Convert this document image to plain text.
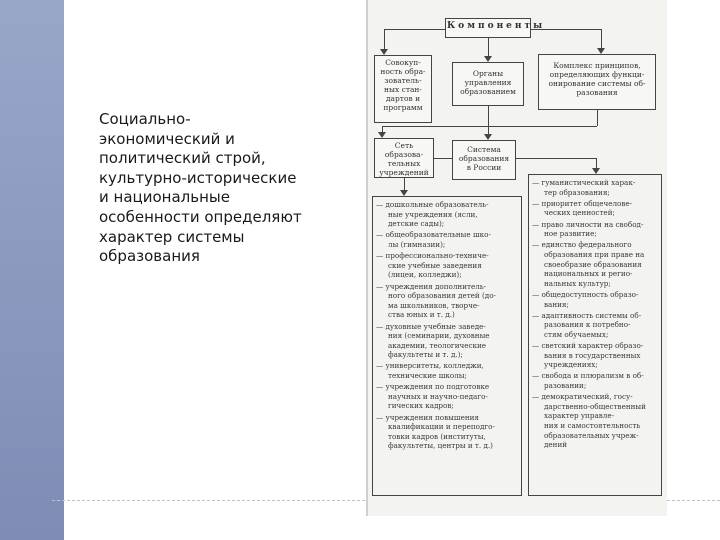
Социально-
экономический и
политический строй,
культурно-исторические
и национальные
особенности определяют
характер системы
образования
Компоненты
Совокуп-
ность обра-
зователь-
ных стан-
дартов и
программ
Органы
управления
образованием
Комплекс принципов,
определяющих функци-
онирование системы об-
разования
Сеть
образова-
тельных
учреждений
Система
образования
в России
— дошкольные образователь-
ные учреждения (ясли,
детские сады);
— общеобразовательные шко-
лы (гимназии);
— профессионально-техниче-
ские учебные заведения
(лицеи, колледжи);
— учреждения дополнитель-
ного образования детей (до-
ма школьников, творче-
ства юных и т. д.)
— духовные учебные заведе-
ния (семинарии, духовные
академии, теологические
факультеты и т. д.);
— университеты, колледжи,
технические школы;
— учреждения по подготовке
научных и научно-педаго-
гических кадров;
— учреждения повышения
квалификации и переподго-
товки кадров (институты,
факультеты, центры и т. д.)
— гуманистический харак-
тер образования;
— приоритет общечелове-
ческих ценностей;
— право личности на свобод-
ное развитие;
— единство федерального
образования при праве на
своеобразие образования
национальных и регио-
нальных культур;
— общедоступность образо-
вания;
— адаптивность системы об-
разования к потребно-
стям обучаемых;
— светский характер образо-
вания в государственных
учреждениях;
— свобода и плюрализм в об-
разовании;
— демократический, госу-
дарственно-общественный
характер управле-
ния и самостоятельность
образовательных учреж-
дений
